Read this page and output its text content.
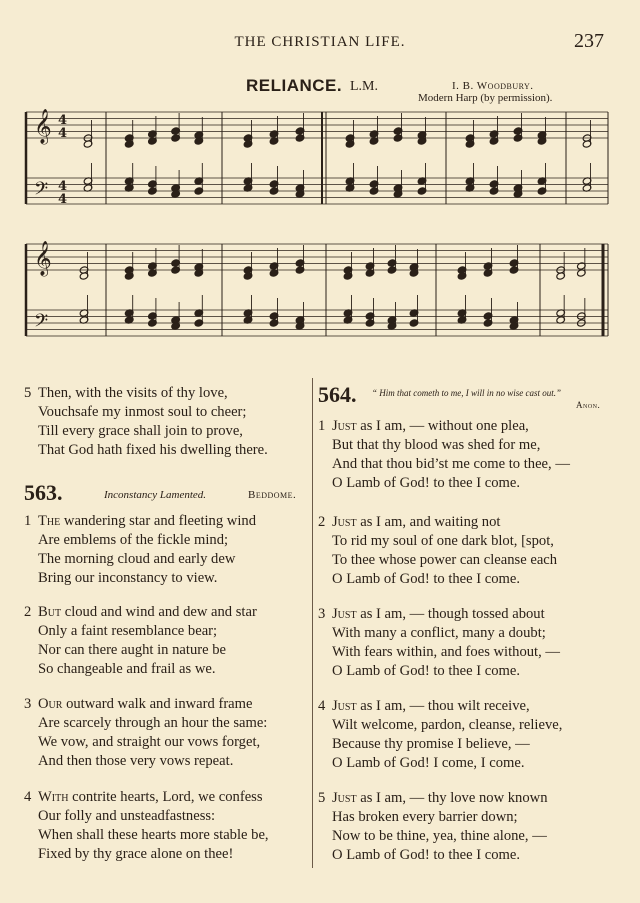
THE CHRISTIAN LIFE.	237
RELIANCE. L.M.	I. B. Woodbury.
Modern Harp (by permission).
𝄞
𝄞
𝄢
𝄢
4
4
4
4
5 Then, with the visits of thy love,
Vouchsafe my inmost soul to cheer;
Till every grace shall join to prove,
That God hath fixed his dwelling there.
563.	Inconstancy Lamented.	Beddome.
1 The wandering star and fleeting wind
Are emblems of the fickle mind;
The morning cloud and early dew
Bring our inconstancy to view.
2 But cloud and wind and dew and star
Only a faint resemblance bear;
Nor can there aught in nature be
So changeable and frail as we.
3 Our outward walk and inward frame
Are scarcely through an hour the same:
We vow, and straight our vows forget,
And then those very vows repeat.
4 With contrite hearts, Lord, we confess
Our folly and unsteadfastness:
When shall these hearts more stable be,
Fixed by thy grace alone on thee!
564. “ Him that cometh to me, I will in no wise cast out.”
Anon.
1 Just as I am, — without one plea,
But that thy blood was shed for me,
And that thou bid’st me come to thee, —
O Lamb of God! to thee I come.
2 Just as I am, and waiting not
To rid my soul of one dark blot, [spot,
To thee whose power can cleanse each
O Lamb of God! to thee I come.
3 Just as I am, — though tossed about
With many a conflict, many a doubt;
With fears within, and foes without, —
O Lamb of God! to thee I come.
4 Just as I am, — thou wilt receive,
Wilt welcome, pardon, cleanse, relieve,
Because thy promise I believe, —
O Lamb of God! I come, I come.
5 Just as I am, — thy love now known
Has broken every barrier down;
Now to be thine, yea, thine alone, —
O Lamb of God! to thee I come.
